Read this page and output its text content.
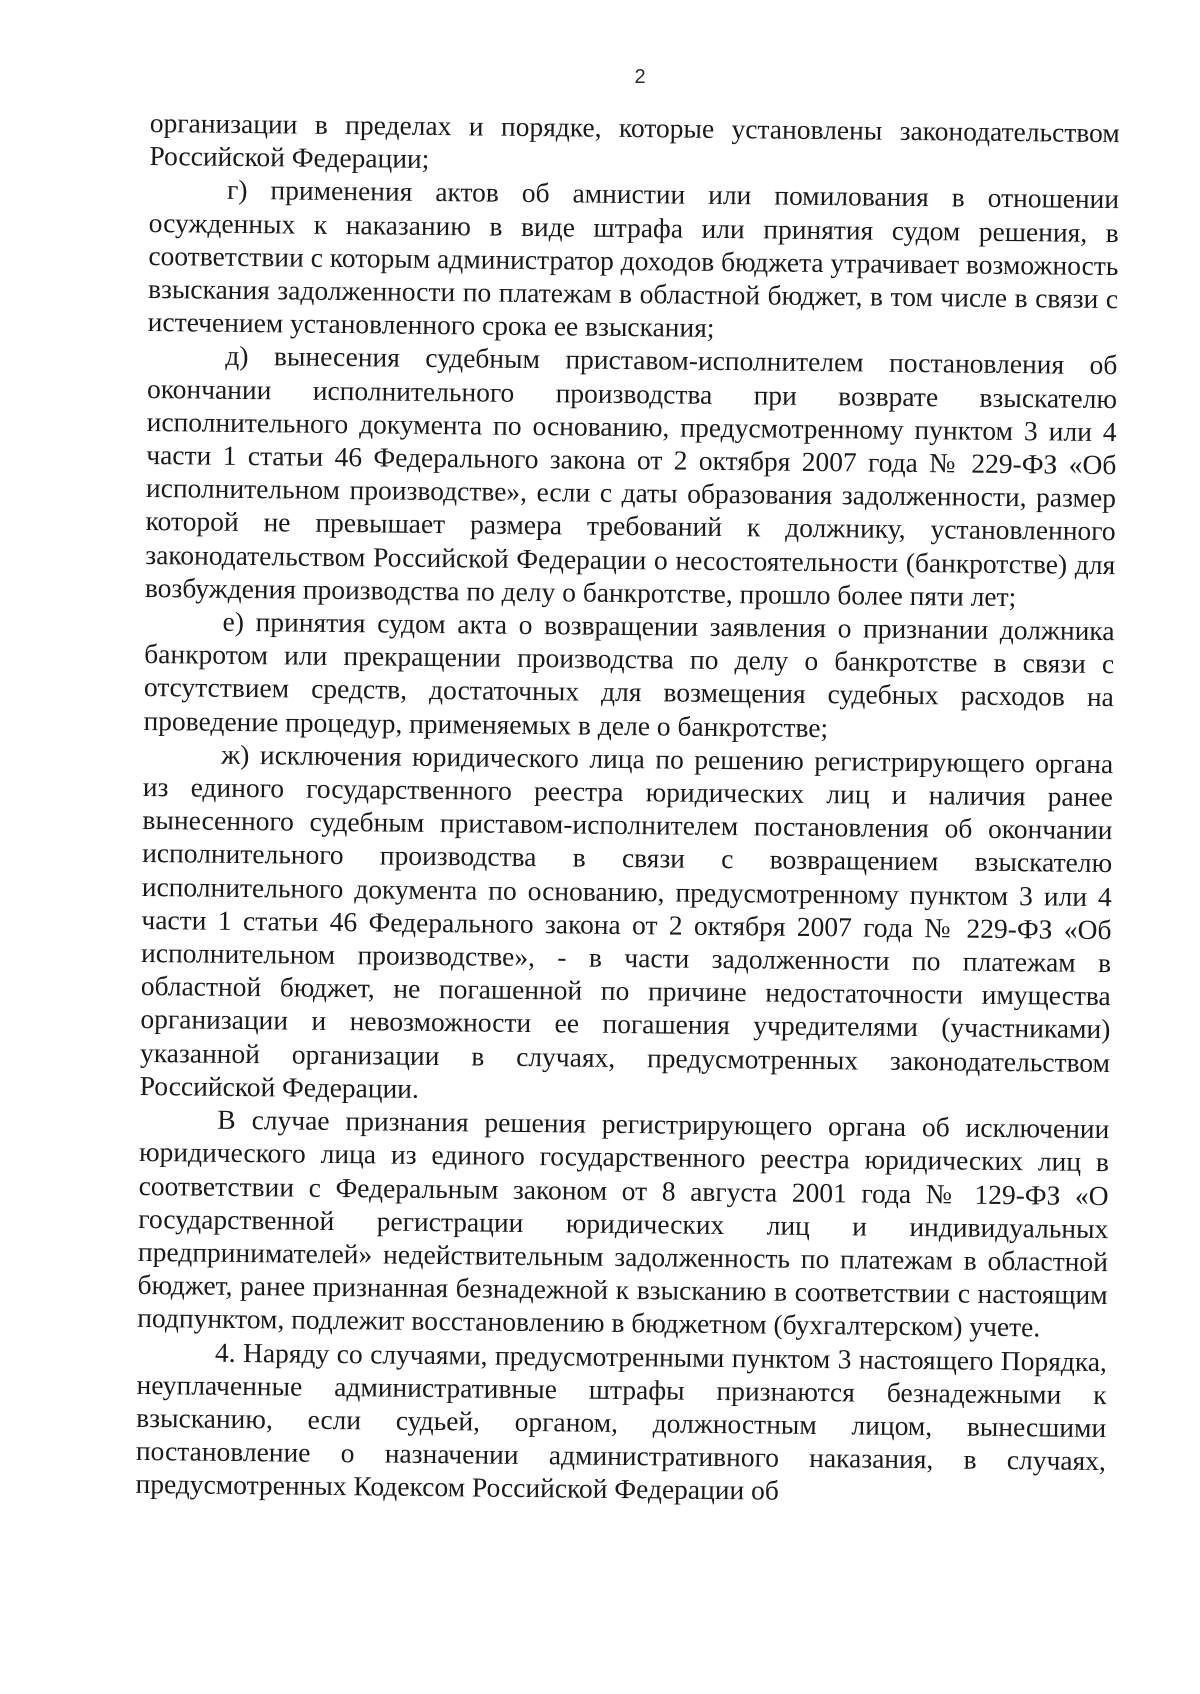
2

организации в пределах и порядке, которые установлены законодательством Российской Федерации;

г) применения актов об амнистии или помилования в отношении осужденных к наказанию в виде штрафа или принятия судом решения, в соответствии с которым администратор доходов бюджета утрачивает возможность взыскания задолженности по платежам в областной бюджет, в том числе в связи с истечением установленного срока ее взыскания;

д) вынесения судебным приставом-исполнителем постановления об окончании исполнительного производства при возврате взыскателю исполнительного документа по основанию, предусмотренному пунктом 3 или 4 части 1 статьи 46 Федерального закона от 2 октября 2007 года № 229-ФЗ «Об исполнительном производстве», если с даты образования задолженности, размер которой не превышает размера требований к должнику, установленного законодательством Российской Федерации о несостоятельности (банкротстве) для возбуждения производства по делу о банкротстве, прошло более пяти лет;

е) принятия судом акта о возвращении заявления о признании должника банкротом или прекращении производства по делу о банкротстве в связи с отсутствием средств, достаточных для возмещения судебных расходов на проведение процедур, применяемых в деле о банкротстве;

ж) исключения юридического лица по решению регистрирующего органа из единого государственного реестра юридических лиц и наличия ранее вынесенного судебным приставом-исполнителем постановления об окончании исполнительного производства в связи с возвращением взыскателю исполнительного документа по основанию, предусмотренному пунктом 3 или 4 части 1 статьи 46 Федерального закона от 2 октября 2007 года № 229-ФЗ «Об исполнительном производстве», - в части задолженности по платежам в областной бюджет, не погашенной по причине недостаточности имущества организации и невозможности ее погашения учредителями (участниками) указанной организации в случаях, предусмотренных законодательством Российской Федерации.

В случае признания решения регистрирующего органа об исключении юридического лица из единого государственного реестра юридических лиц в соответствии с Федеральным законом от 8 августа 2001 года № 129-ФЗ «О государственной регистрации юридических лиц и индивидуальных предпринимателей» недействительным задолженность по платежам в областной бюджет, ранее признанная безнадежной к взысканию в соответствии с настоящим подпунктом, подлежит восстановлению в бюджетном (бухгалтерском) учете.

4. Наряду со случаями, предусмотренными пунктом 3 настоящего Порядка, неуплаченные административные штрафы признаются безнадежными к взысканию, если судьей, органом, должностным лицом, вынесшими постановление о назначении административного наказания, в случаях, предусмотренных Кодексом Российской Федерации об
